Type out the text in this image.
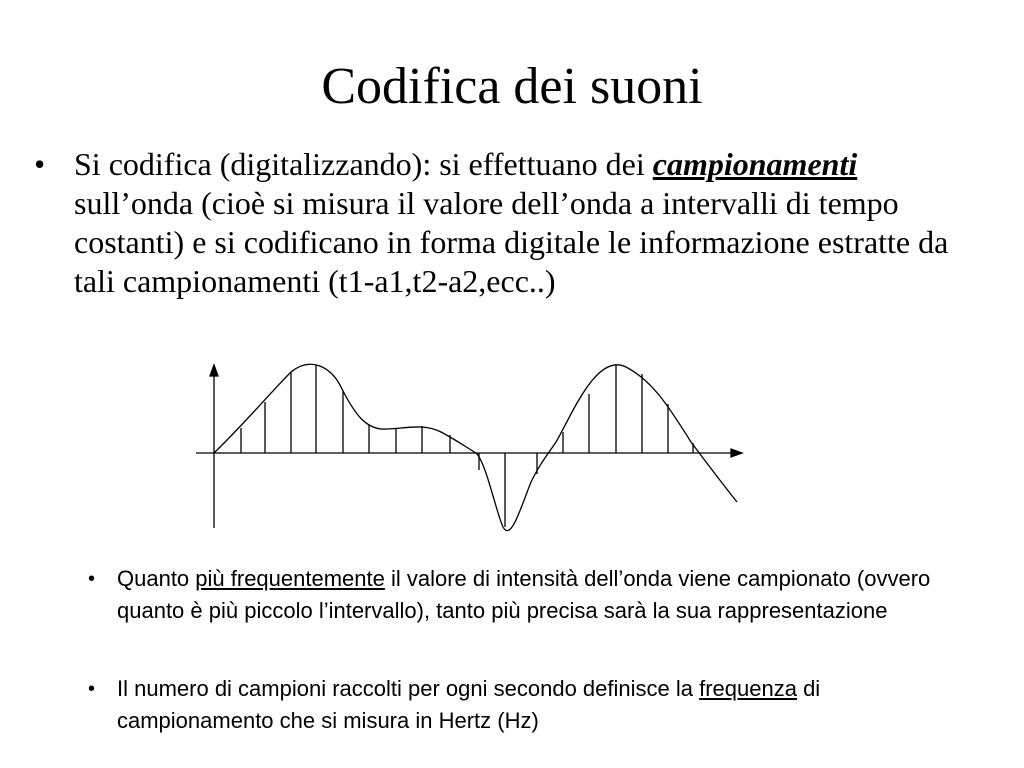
Codifica dei suoni
• Si codifica (digitalizzando): si effettuano dei campionamenti sull’onda (cioè si misura il valore dell’onda a intervalli di tempo costanti) e si codificano in forma digitale le informazione estratte da tali campionamenti (t1-a1,t2-a2,ecc..)
• Quanto più frequentemente il valore di intensità dell’onda viene campionato (ovvero quanto è più piccolo l’intervallo), tanto più precisa sarà la sua rappresentazione
• Il numero di campioni raccolti per ogni secondo definisce la frequenza di campionamento che si misura in Hertz (Hz)
